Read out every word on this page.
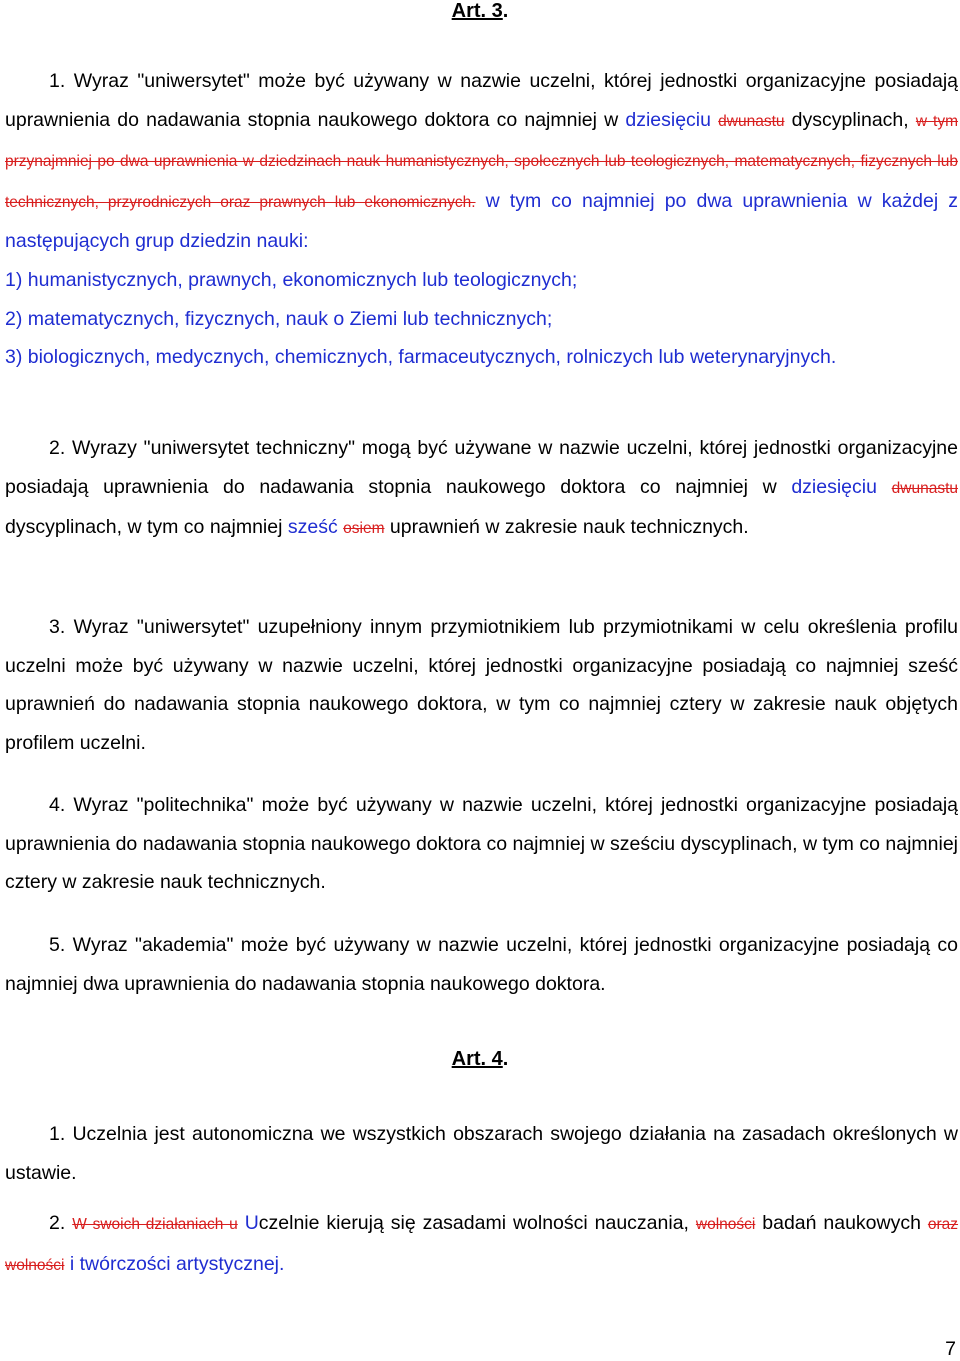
Art. 3.
1. Wyraz "uniwersytet" może być używany w nazwie uczelni, której jednostki organizacyjne posiadają uprawnienia do nadawania stopnia naukowego doktora co najmniej w dziesięciu dwunastu dyscyplinach, w tym przynajmniej po dwa uprawnienia w dziedzinach nauk humanistycznych, społecznych lub teologicznych, matematycznych, fizycznych lub technicznych, przyrodniczych oraz prawnych lub ekonomicznych. w tym co najmniej po dwa uprawnienia w każdej z następujących grup dziedzin nauki:
1) humanistycznych, prawnych, ekonomicznych lub teologicznych;
2) matematycznych, fizycznych, nauk o Ziemi lub technicznych;
3) biologicznych, medycznych, chemicznych, farmaceutycznych, rolniczych lub weterynaryjnych.
2. Wyrazy "uniwersytet techniczny" mogą być używane w nazwie uczelni, której jednostki organizacyjne posiadają uprawnienia do nadawania stopnia naukowego doktora co najmniej w dziesięciu dwunastu dyscyplinach, w tym co najmniej sześć osiem uprawnień w zakresie nauk technicznych.
3. Wyraz "uniwersytet" uzupełniony innym przymiotnikiem lub przymiotnikami w celu określenia profilu uczelni może być używany w nazwie uczelni, której jednostki organizacyjne posiadają co najmniej sześć uprawnień do nadawania stopnia naukowego doktora, w tym co najmniej cztery w zakresie nauk objętych profilem uczelni.
4. Wyraz "politechnika" może być używany w nazwie uczelni, której jednostki organizacyjne posiadają uprawnienia do nadawania stopnia naukowego doktora co najmniej w sześciu dyscyplinach, w tym co najmniej cztery w zakresie nauk technicznych.
5. Wyraz "akademia" może być używany w nazwie uczelni, której jednostki organizacyjne posiadają co najmniej dwa uprawnienia do nadawania stopnia naukowego doktora.
Art. 4.
1. Uczelnia jest autonomiczna we wszystkich obszarach swojego działania na zasadach określonych w ustawie.
2. W swoich działaniach u Uczelnie kierują się zasadami wolności nauczania, wolności badań naukowych oraz wolności i twórczości artystycznej.
7
